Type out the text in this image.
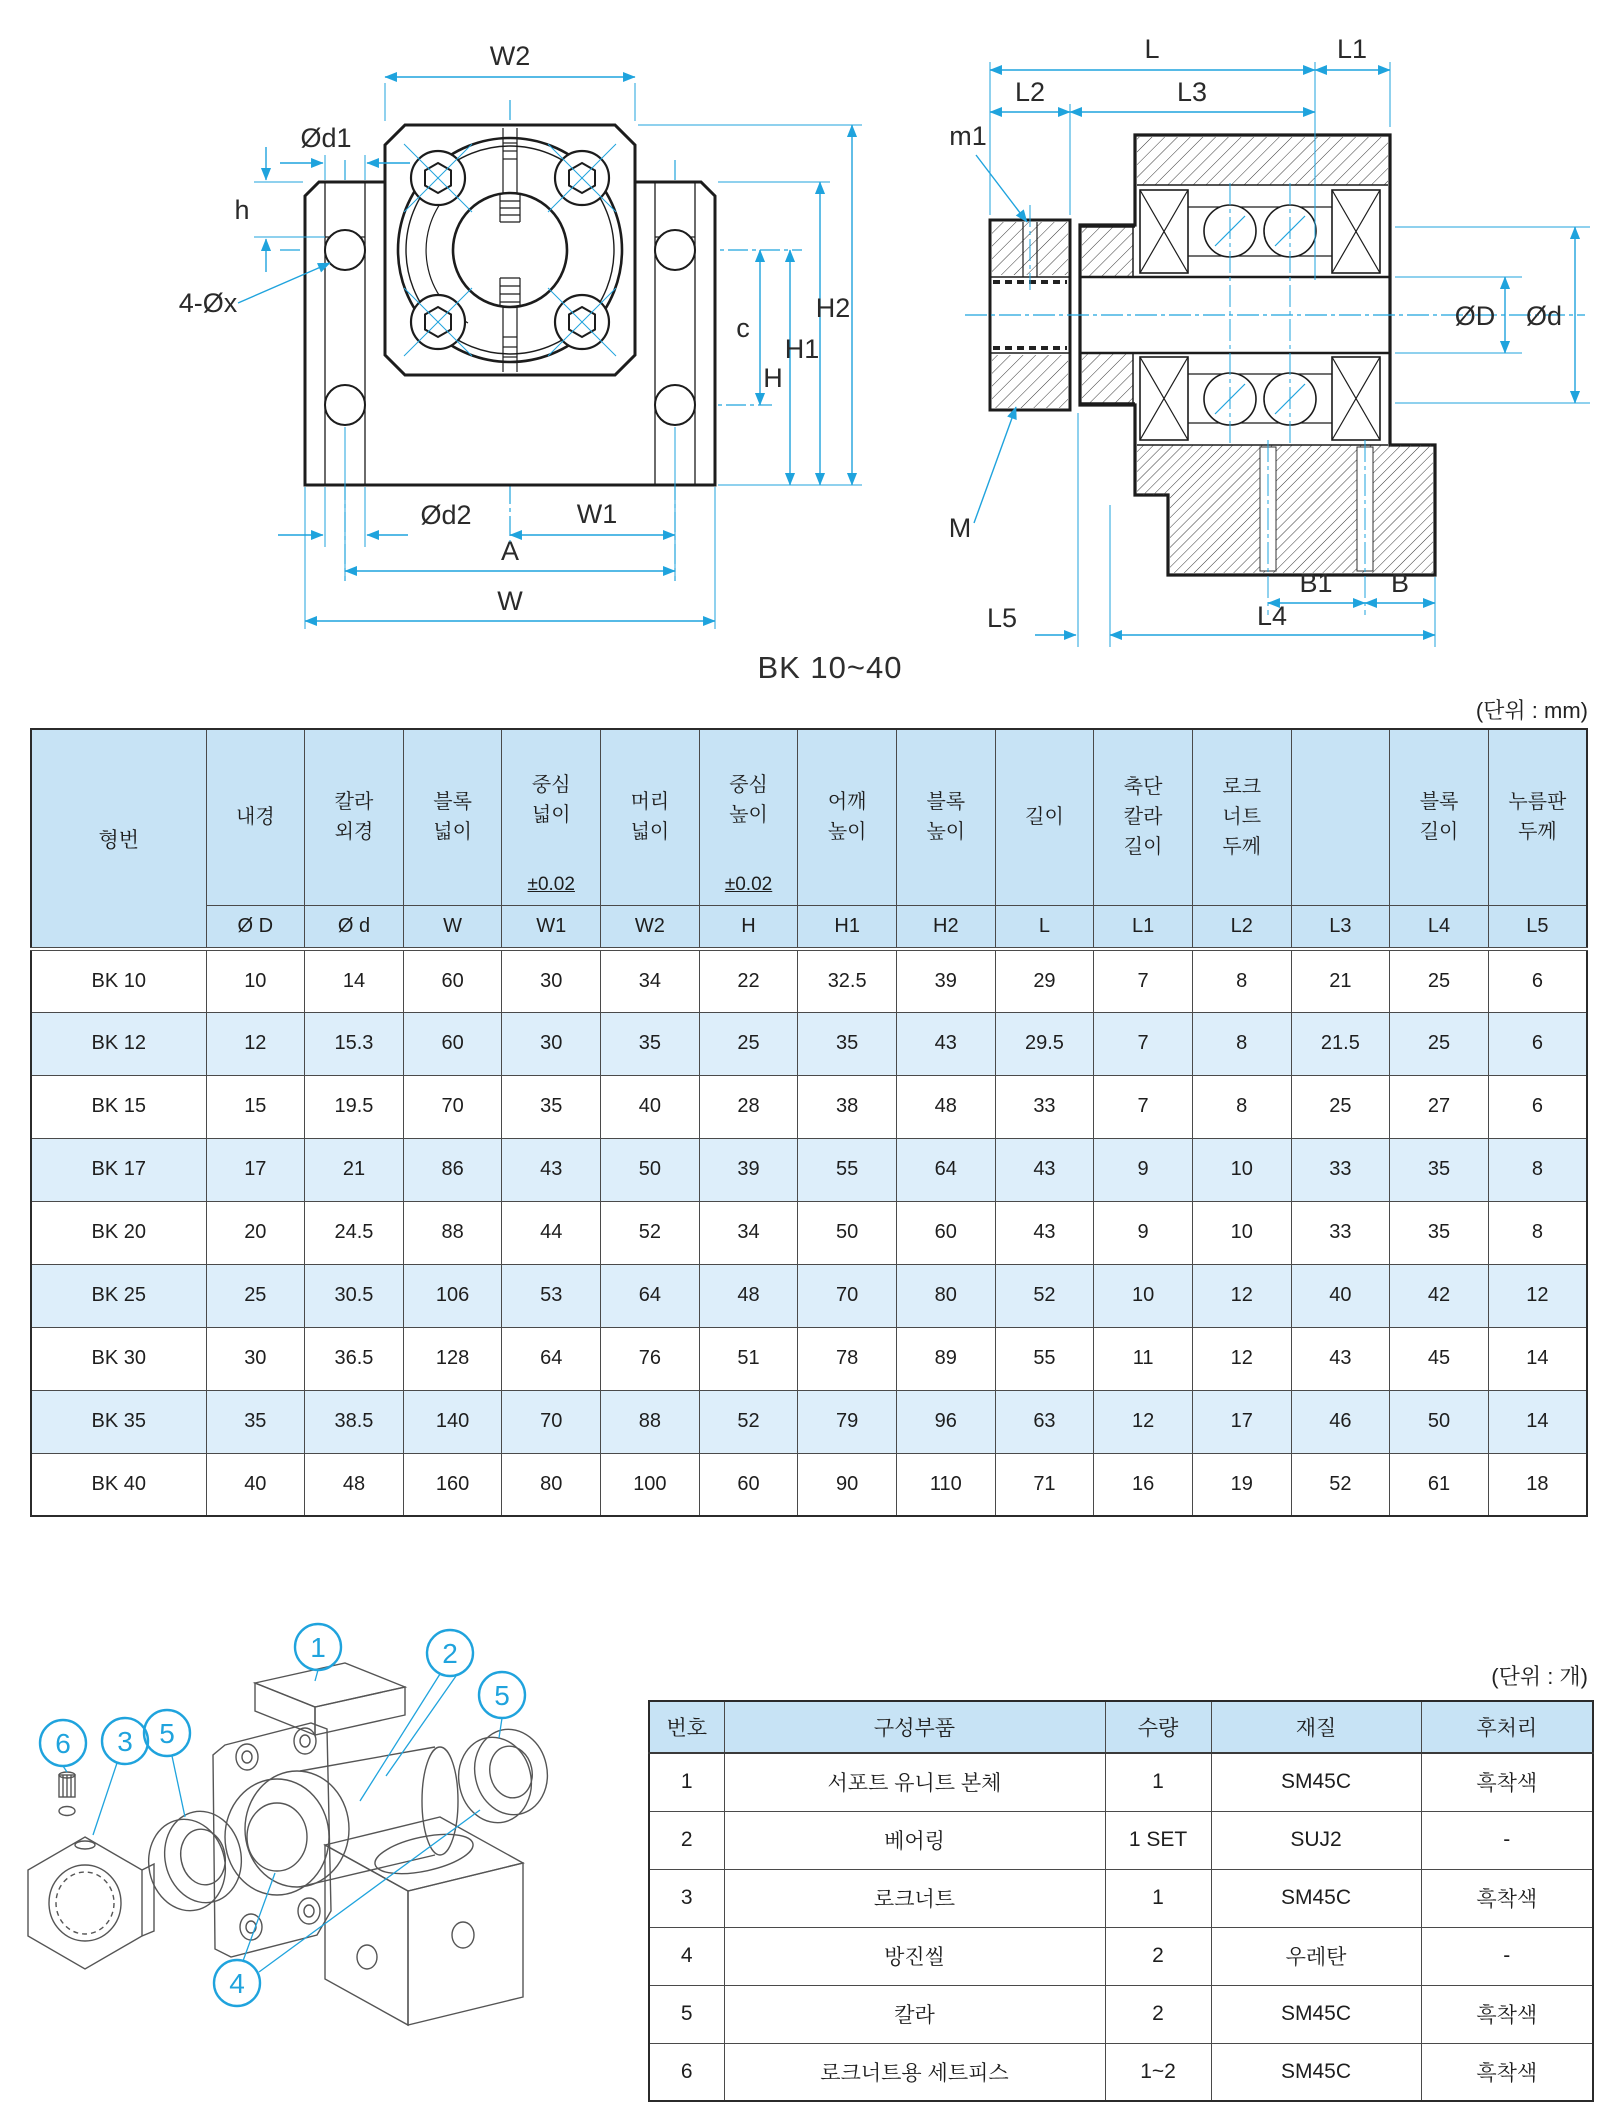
W2
Ød1
h
4-Øx
Ød2	W1
A
W
c
H
H1
H2
L	L1
L2	L3
m1
M
ØD Ød
B1 B
L5	L4
BK 10~40
(단위 : mm)
형번	
내경

칼라
외경

블록
넓이

중심
넓이
±0.02

머리
넓이

중심
높이
±0.02

어깨
높이

블록
높이

길이

축단
칼라
길이

로크
너트
두께

블록
길이

누름판
두께

	Ø D	Ø d	W	W1	W2	H	H1	H2	L	L1	L2	L3	L4	L5
BK 10	10	14	60	30	34	22	32.5	39	29	7	8	21	25	6
BK 12	12	15.3	60	30	35	25	35	43	29.5	7	8	21.5	25	6
BK 15	15	19.5	70	35	40	28	38	48	33	7	8	25	27	6
BK 17	17	21	86	43	50	39	55	64	43	9	10	33	35	8
BK 20	20	24.5	88	44	52	34	50	60	43	9	10	33	35	8
BK 25	25	30.5	106	53	64	48	70	80	52	10	12	40	42	12
BK 30	30	36.5	128	64	76	51	78	89	55	11	12	43	45	14
BK 35	35	38.5	140	70	88	52	79	96	63	12	17	46	50	14
BK 40	40	48	160	80	100	60	90	110	71	16	19	52	61	18
1	2
5
5
3
6
4
(단위 : 개)
번호	구성부품	수량	재질	후처리
1	서포트 유니트 본체	1	SM45C	흑착색
2	베어링	1 SET	SUJ2	-
3	로크너트	1	SM45C	흑착색
4	방진씰	2	우레탄	-
5	칼라	2	SM45C	흑착색
6	로크너트용 세트피스	1~2	SM45C	흑착색
